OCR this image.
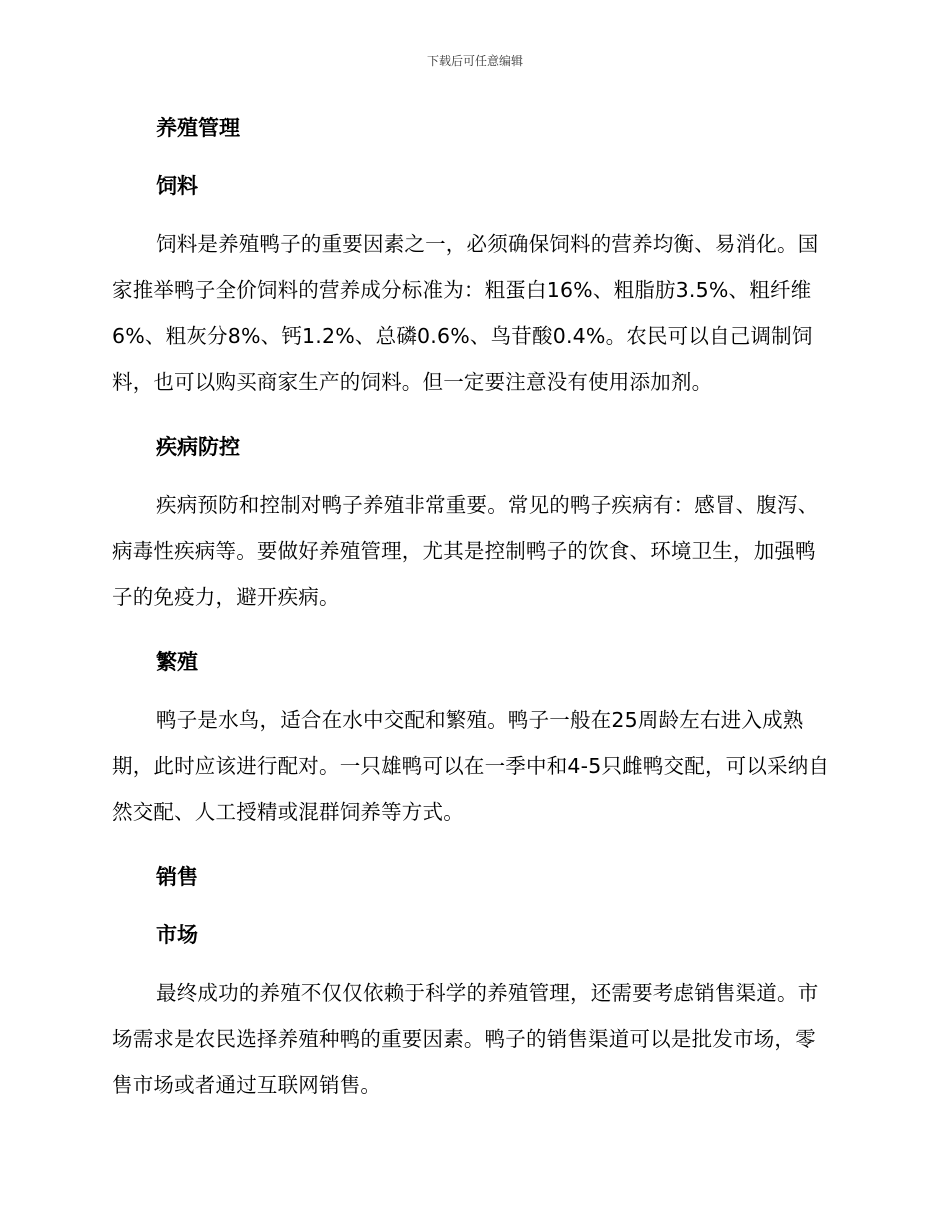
下载后可任意编辑
养殖管理
饲料

饲料是养殖鸭子的重要因素之一，必须确保饲料的营养均衡、易消化。国家推举鸭子全价饲料的营养成分标准为：粗蛋白16%、粗脂肪3.5%、粗纤维6%、粗灰分8%、钙1.2%、总磷0.6%、鸟苷酸0.4%。农民可以自己调制饲料，也可以购买商家生产的饲料。但一定要注意没有使用添加剂。

疾病防控

疾病预防和控制对鸭子养殖非常重要。常见的鸭子疾病有：感冒、腹泻、病毒性疾病等。要做好养殖管理，尤其是控制鸭子的饮食、环境卫生，加强鸭子的免疫力，避开疾病。

繁殖

鸭子是水鸟，适合在水中交配和繁殖。鸭子一般在25周龄左右进入成熟期，此时应该进行配对。一只雄鸭可以在一季中和4-5只雌鸭交配，可以采纳自然交配、人工授精或混群饲养等方式。

销售
市场

最终成功的养殖不仅仅依赖于科学的养殖管理，还需要考虑销售渠道。市场需求是农民选择养殖种鸭的重要因素。鸭子的销售渠道可以是批发市场，零售市场或者通过互联网销售。
